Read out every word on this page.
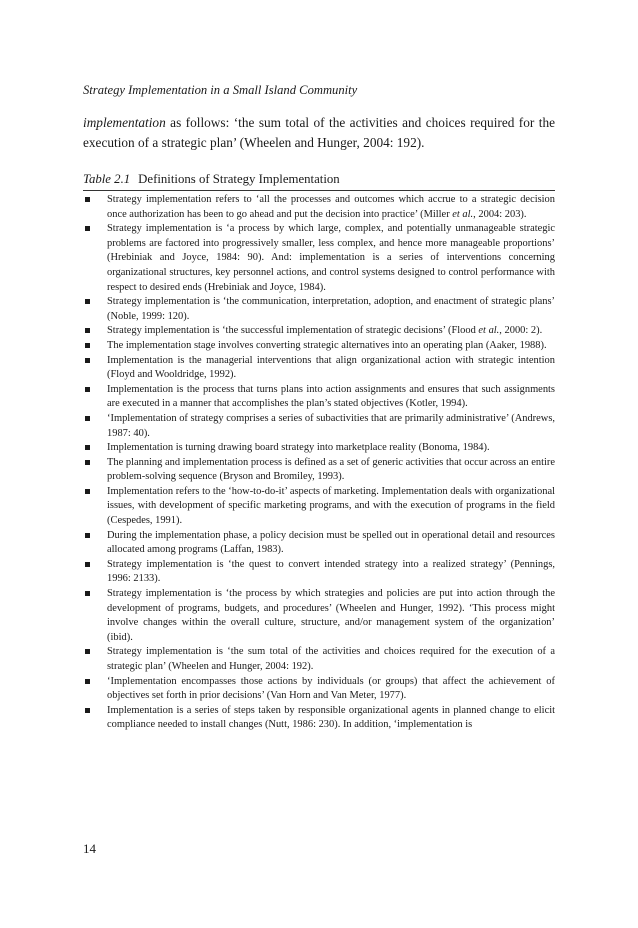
Strategy Implementation in a Small Island Community

implementation as follows: ‘the sum total of the activities and choices required for the execution of a strategic plan’ (Wheelen and Hunger, 2004: 192).

Table 2.1 Definitions of Strategy Implementation
Strategy implementation refers to ‘all the processes and outcomes which accrue to a strategic decision once authorization has been to go ahead and put the decision into practice’ (Miller et al., 2004: 203).
Strategy implementation is ‘a process by which large, complex, and potentially unmanageable strategic problems are factored into progressively smaller, less complex, and hence more manageable proportions’ (Hrebiniak and Joyce, 1984: 90). And: implementation is a series of interventions concerning organizational structures, key personnel actions, and control systems designed to control performance with respect to desired ends (Hrebiniak and Joyce, 1984).
Strategy implementation is ‘the communication, interpretation, adoption, and enactment of strategic plans’ (Noble, 1999: 120).
Strategy implementation is ‘the successful implementation of strategic decisions’ (Flood et al., 2000: 2).
The implementation stage involves converting strategic alternatives into an operating plan (Aaker, 1988).
Implementation is the managerial interventions that align organizational action with strategic intention (Floyd and Wooldridge, 1992).
Implementation is the process that turns plans into action assignments and ensures that such assignments are executed in a manner that accomplishes the plan’s stated objectives (Kotler, 1994).
‘Implementation of strategy comprises a series of subactivities that are primarily administrative’ (Andrews, 1987: 40).
Implementation is turning drawing board strategy into marketplace reality (Bonoma, 1984).
The planning and implementation process is defined as a set of generic activities that occur across an entire problem-solving sequence (Bryson and Bromiley, 1993).
Implementation refers to the ‘how-to-do-it’ aspects of marketing. Implementation deals with organizational issues, with development of specific marketing programs, and with the execution of programs in the field (Cespedes, 1991).
During the implementation phase, a policy decision must be spelled out in operational detail and resources allocated among programs (Laffan, 1983).
Strategy implementation is ‘the quest to convert intended strategy into a realized strategy’ (Pennings, 1996: 2133).
Strategy implementation is ‘the process by which strategies and policies are put into action through the development of programs, budgets, and procedures’ (Wheelen and Hunger, 1992). ‘This process might involve changes within the overall culture, structure, and/or management system of the organization’ (ibid).
Strategy implementation is ‘the sum total of the activities and choices required for the execution of a strategic plan’ (Wheelen and Hunger, 2004: 192).
‘Implementation encompasses those actions by individuals (or groups) that affect the achievement of objectives set forth in prior decisions’ (Van Horn and Van Meter, 1977).
Implementation is a series of steps taken by responsible organizational agents in planned change to elicit compliance needed to install changes (Nutt, 1986: 230). In addition, ‘implementation is
14
